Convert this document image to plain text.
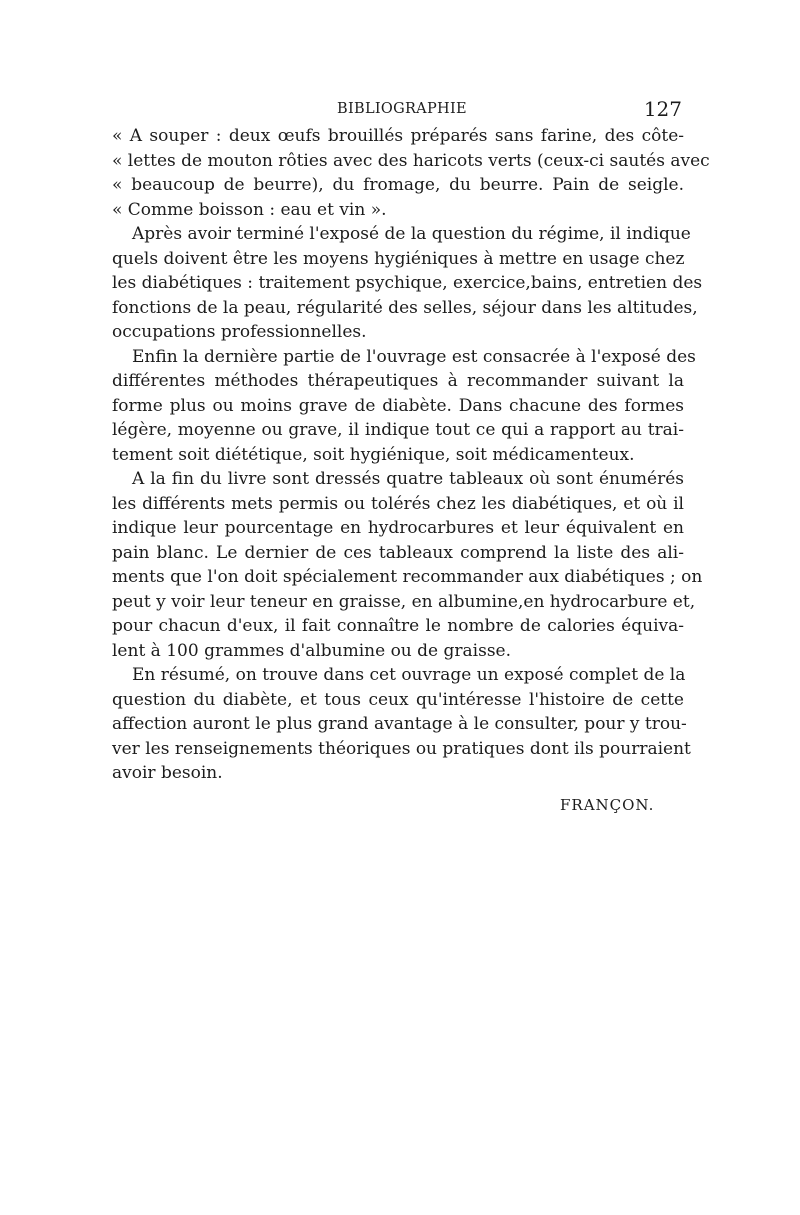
BIBLIOGRAPHIE	127
« A souper : deux œufs brouillés préparés sans farine, des côte-
« lettes de mouton rôties avec des haricots verts (ceux-ci sautés avec
« beaucoup de beurre), du fromage, du beurre. Pain de seigle.
« Comme boisson : eau et vin ».
Après avoir terminé l'exposé de la question du régime, il indique
quels doivent être les moyens hygiéniques à mettre en usage chez
les diabétiques : traitement psychique, exercice,bains, entretien des
fonctions de la peau, régularité des selles, séjour dans les altitudes,
occupations professionnelles.
Enfin la dernière partie de l'ouvrage est consacrée à l'exposé des
différentes méthodes thérapeutiques à recommander suivant la
forme plus ou moins grave de diabète. Dans chacune des formes
légère, moyenne ou grave, il indique tout ce qui a rapport au trai-
tement soit diététique, soit hygiénique, soit médicamenteux.
A la fin du livre sont dressés quatre tableaux où sont énumérés
les différents mets permis ou tolérés chez les diabétiques, et où il
indique leur pourcentage en hydrocarbures et leur équivalent en
pain blanc. Le dernier de ces tableaux comprend la liste des ali-
ments que l'on doit spécialement recommander aux diabétiques ; on
peut y voir leur teneur en graisse, en albumine,en hydrocarbure et,
pour chacun d'eux, il fait connaître le nombre de calories équiva-
lent à 100 grammes d'albumine ou de graisse.
En résumé, on trouve dans cet ouvrage un exposé complet de la
question du diabète, et tous ceux qu'intéresse l'histoire de cette
affection auront le plus grand avantage à le consulter, pour y trou-
ver les renseignements théoriques ou pratiques dont ils pourraient
avoir besoin.
FRANÇON.
